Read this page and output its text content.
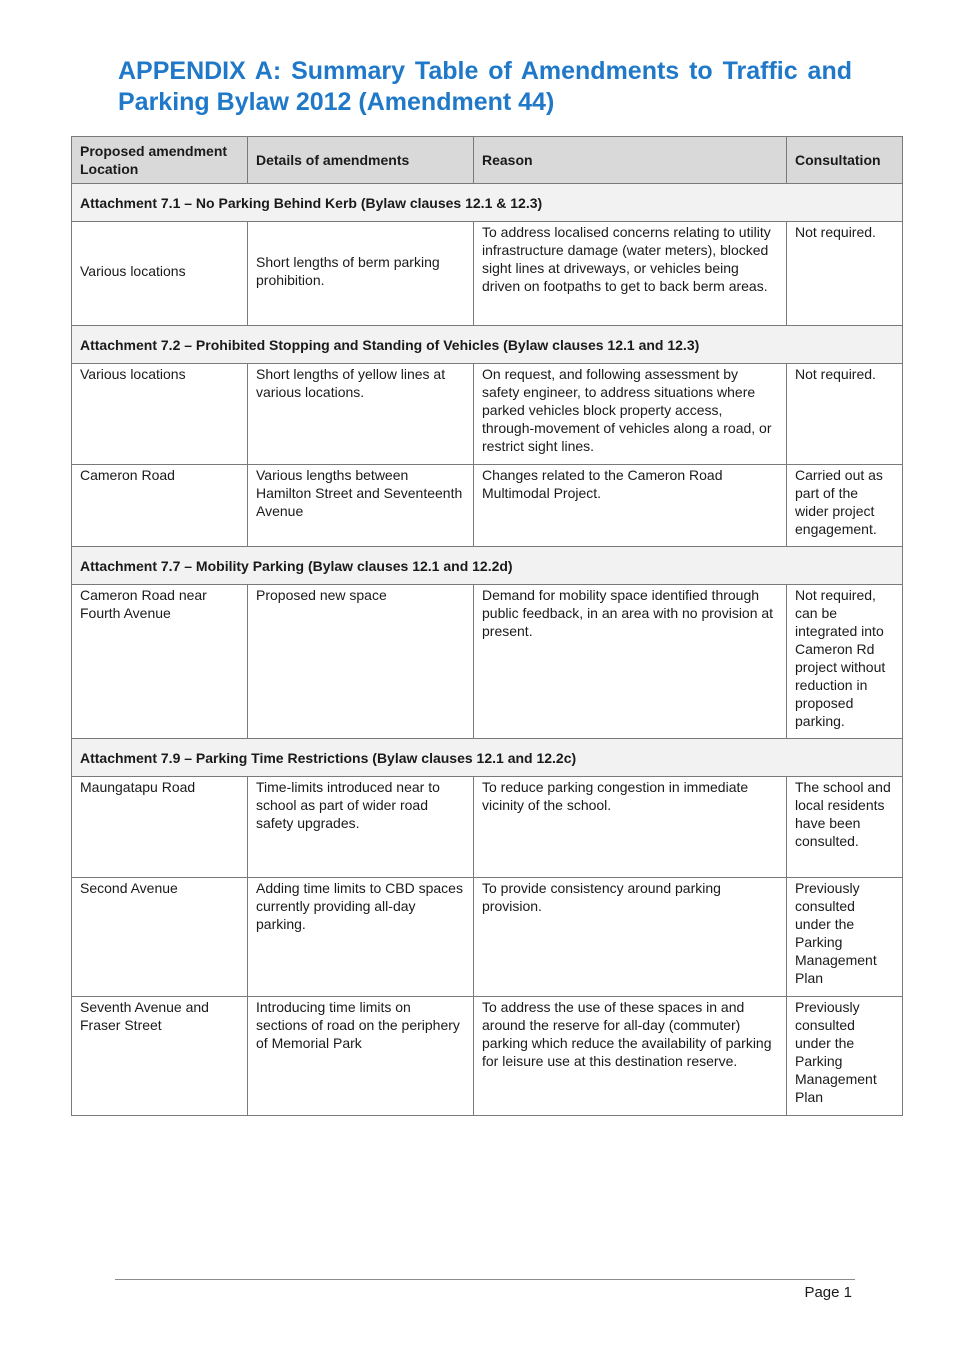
APPENDIX A: Summary Table of Amendments to Traffic and Parking Bylaw 2012 (Amendment 44)
Proposed amendment Location	Details of amendments	Reason	Consultation
Attachment 7.1 – No Parking Behind Kerb (Bylaw clauses 12.1 & 12.3)			
Various locations	Short lengths of berm parking prohibition.	To address localised concerns relating to utility infrastructure damage (water meters), blocked sight lines at driveways, or vehicles being driven on footpaths to get to back berm areas.	Not required.
Attachment 7.2 – Prohibited Stopping and Standing of Vehicles (Bylaw clauses 12.1 and 12.3)			
Various locations	Short lengths of yellow lines at various locations.	On request, and following assessment by safety engineer, to address situations where parked vehicles block property access, through-movement of vehicles along a road, or restrict sight lines.	Not required.
Cameron Road	Various lengths between Hamilton Street and Seventeenth Avenue	Changes related to the Cameron Road Multimodal Project.	Carried out as part of the wider project engagement.
Attachment 7.7 – Mobility Parking (Bylaw clauses 12.1 and 12.2d)			
Cameron Road near Fourth Avenue	Proposed new space	Demand for mobility space identified through public feedback, in an area with no provision at present.	Not required, can be integrated into Cameron Rd project without reduction in proposed parking.
Attachment 7.9 – Parking Time Restrictions (Bylaw clauses 12.1 and 12.2c)			
Maungatapu Road	Time-limits introduced near to school as part of wider road safety upgrades.	To reduce parking congestion in immediate vicinity of the school.	The school and local residents have been consulted.
Second Avenue	Adding time limits to CBD spaces currently providing all-day parking.	To provide consistency around parking provision.	Previously consulted under the Parking Management Plan
Seventh Avenue and Fraser Street	Introducing time limits on sections of road on the periphery of Memorial Park	To address the use of these spaces in and around the reserve for all-day (commuter) parking which reduce the availability of parking for leisure use at this destination reserve.	Previously consulted under the Parking Management Plan
Page 1
